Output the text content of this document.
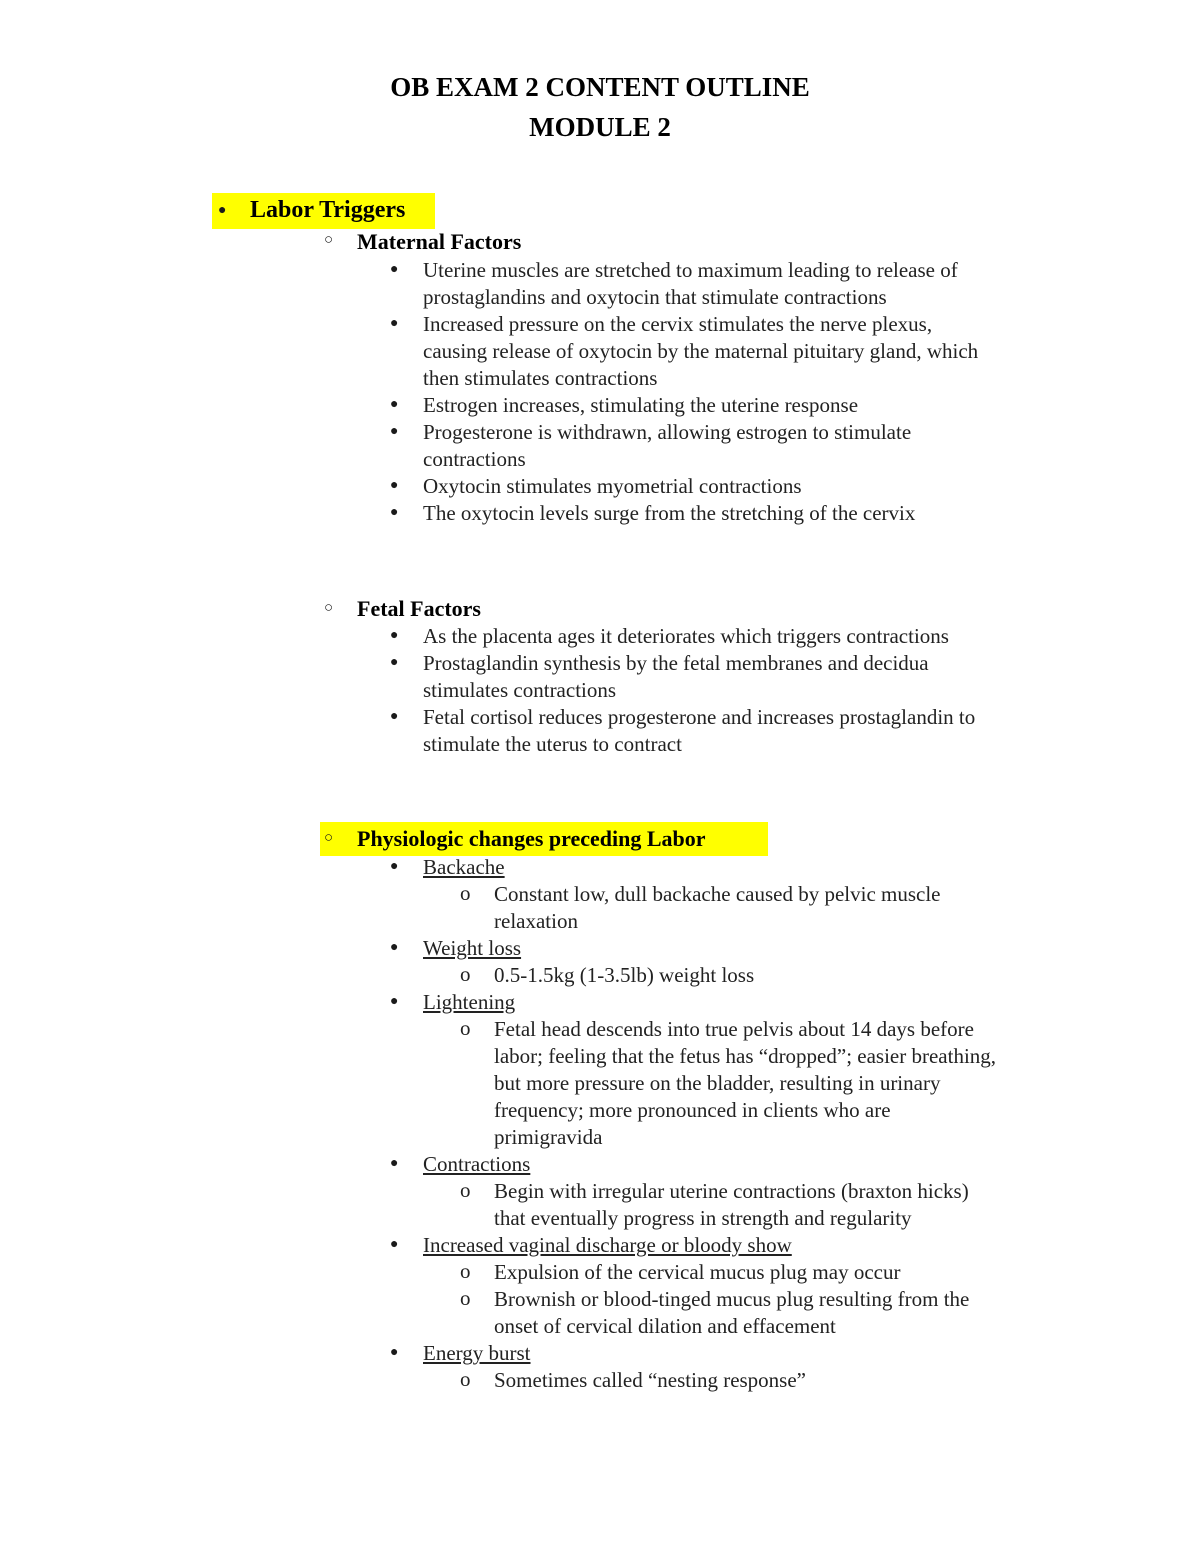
OB EXAM 2 CONTENT OUTLINE
MODULE 2
● Labor Triggers
○ Maternal Factors
● Uterine muscles are stretched to maximum leading to release of
prostaglandins and oxytocin that stimulate contractions
● Increased pressure on the cervix stimulates the nerve plexus,
causing release of oxytocin by the maternal pituitary gland, which
then stimulates contractions
● Estrogen increases, stimulating the uterine response
● Progesterone is withdrawn, allowing estrogen to stimulate
contractions
● Oxytocin stimulates myometrial contractions
● The oxytocin levels surge from the stretching of the cervix
○ Fetal Factors
● As the placenta ages it deteriorates which triggers contractions
● Prostaglandin synthesis by the fetal membranes and decidua
stimulates contractions
● Fetal cortisol reduces progesterone and increases prostaglandin to
stimulate the uterus to contract
○ Physiologic changes preceding Labor
● Backache
o Constant low, dull backache caused by pelvic muscle
relaxation
● Weight loss
o 0.5-1.5kg (1-3.5lb) weight loss
● Lightening
o Fetal head descends into true pelvis about 14 days before
labor; feeling that the fetus has “dropped”; easier breathing,
but more pressure on the bladder, resulting in urinary
frequency; more pronounced in clients who are
primigravida
● Contractions
o Begin with irregular uterine contractions (braxton hicks)
that eventually progress in strength and regularity
● Increased vaginal discharge or bloody show
o Expulsion of the cervical mucus plug may occur
o Brownish or blood-tinged mucus plug resulting from the
onset of cervical dilation and effacement
● Energy burst
o Sometimes called “nesting response”
